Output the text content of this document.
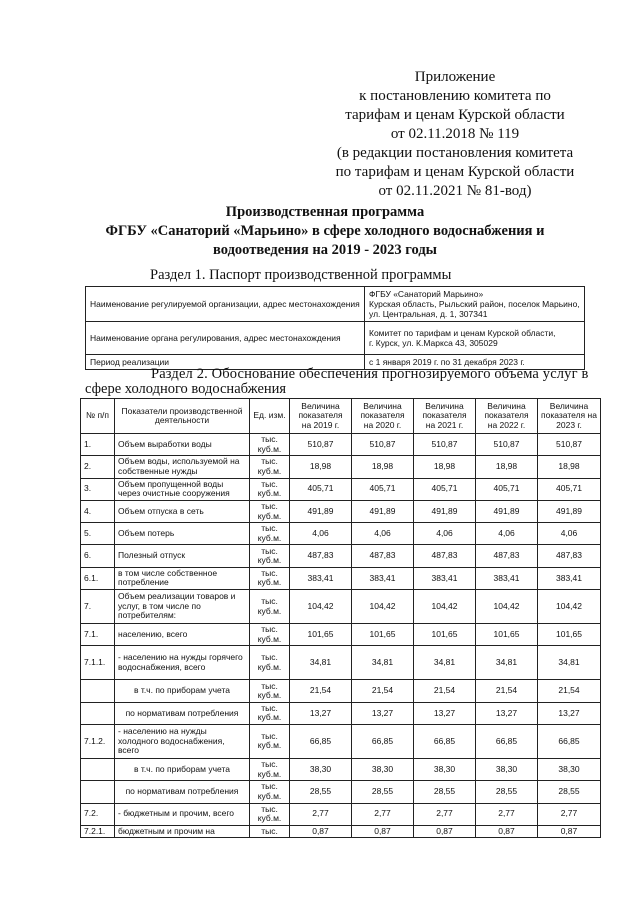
Приложение
к постановлению комитета по
тарифам и ценам Курской области
от 02.11.2018 № 119
(в редакции постановления комитета
по тарифам и ценам Курской области
от 02.11.2021 № 81-вод)
Производственная программа
ФГБУ «Санаторий «Марьино» в сфере холодного водоснабжения и
водоотведения на 2019 - 2023 годы
Раздел 1. Паспорт производственной программы
Наименование регулируемой организации, адрес местонахождения	ФГБУ «Санаторий Марьино»
Курская область, Рыльский район, поселок Марьино,
ул. Центральная, д. 1, 307341

Наименование органа регулирования, адрес местонахождения	Комитет по тарифам и ценам Курской области,
г. Курск, ул. К.Маркса 43, 305029

Период реализации	с 1 января 2019 г. по 31 декабря 2023 г.
Раздел 2. Обоснование обеспечения прогнозируемого объема услуг в
сфере холодного водоснабжения
№ п/п	Показатели производственной деятельности	Ед. изм.	Величина показателя на 2019 г.	Величина показателя на 2020 г.	Величина показателя на 2021 г.	Величина показателя на 2022 г.	Величина показателя на 2023 г.
1.	Объем выработки воды	тыс. куб.м.	510,87	510,87	510,87	510,87	510,87
2.	Объем воды, используемой на собственные нужды	тыс. куб.м.	18,98	18,98	18,98	18,98	18,98
3.	Объем пропущенной воды через очистные сооружения	тыс. куб.м.	405,71	405,71	405,71	405,71	405,71
4.	Объем отпуска в сеть	тыс. куб.м.	491,89	491,89	491,89	491,89	491,89
5.	Объем потерь	тыс. куб.м.	4,06	4,06	4,06	4,06	4,06
6.	Полезный отпуск	тыс. куб.м.	487,83	487,83	487,83	487,83	487,83
6.1.	в том числе собственное потребление	тыс. куб.м.	383,41	383,41	383,41	383,41	383,41
7.	Объем реализации товаров и услуг, в том числе по потребителям:	тыс. куб.м.	104,42	104,42	104,42	104,42	104,42
7.1.	населению, всего	тыс. куб.м.	101,65	101,65	101,65	101,65	101,65
7.1.1.	- населению на нужды горячего водоснабжения, всего	тыс. куб.м.	34,81	34,81	34,81	34,81	34,81
	в т.ч. по приборам учета	тыс. куб.м.	21,54	21,54	21,54	21,54	21,54
	по нормативам потребления	тыс. куб.м.	13,27	13,27	13,27	13,27	13,27
7.1.2.	- населению на нужды холодного водоснабжения, всего	тыс. куб.м.	66,85	66,85	66,85	66,85	66,85
	в т.ч. по приборам учета	тыс. куб.м.	38,30	38,30	38,30	38,30	38,30
	по нормативам потребления	тыс. куб.м.	28,55	28,55	28,55	28,55	28,55
7.2.	- бюджетным и прочим, всего	тыс. куб.м.	2,77	2,77	2,77	2,77	2,77
7.2.1.	бюджетным и прочим на	тыс.	0,87	0,87	0,87	0,87	0,87
